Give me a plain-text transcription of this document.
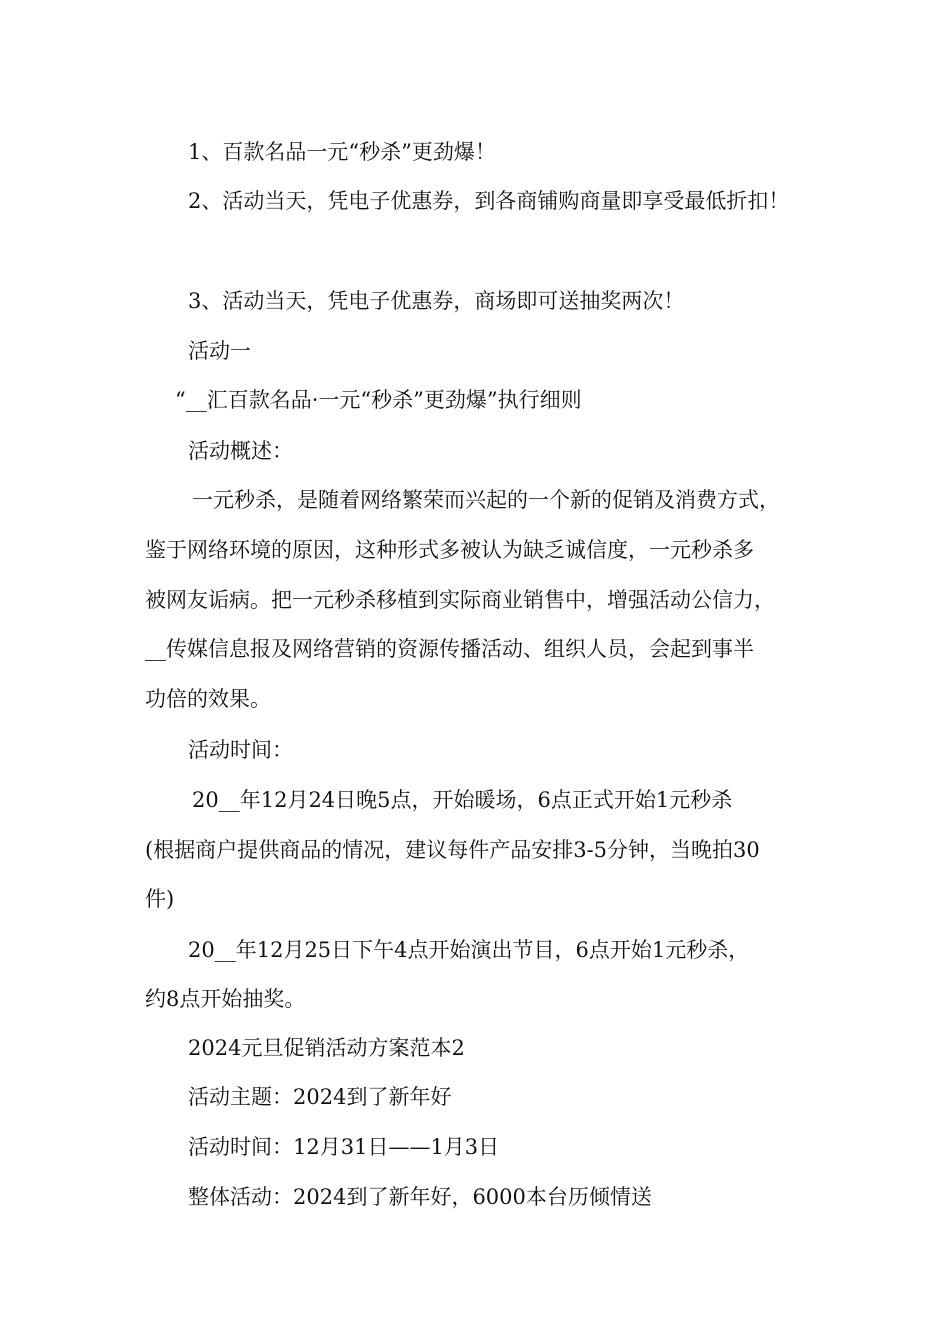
1、百款名品一元“秒杀”更劲爆！
2、活动当天，凭电子优惠券，到各商铺购商量即享受最低折扣！
3、活动当天，凭电子优惠券，商场即可送抽奖两次！
活动一
“__汇百款名品·一元“秒杀”更劲爆”执行细则
活动概述：
一元秒杀，是随着网络繁荣而兴起的一个新的促销及消费方式，
鉴于网络环境的原因，这种形式多被认为缺乏诚信度，一元秒杀多
被网友诟病。把一元秒杀移植到实际商业销售中，增强活动公信力，
__传媒信息报及网络营销的资源传播活动、组织人员，会起到事半
功倍的效果。
活动时间：
20__年12月24日晚5点，开始暖场，6点正式开始1元秒杀
(根据商户提供商品的情况，建议每件产品安排3-5分钟，当晚拍30
件)
20__年12月25日下午4点开始演出节目，6点开始1元秒杀，
约8点开始抽奖。
2024元旦促销活动方案范本2
活动主题：2024到了新年好
活动时间：12月31日——1月3日
整体活动：2024到了新年好，6000本台历倾情送
